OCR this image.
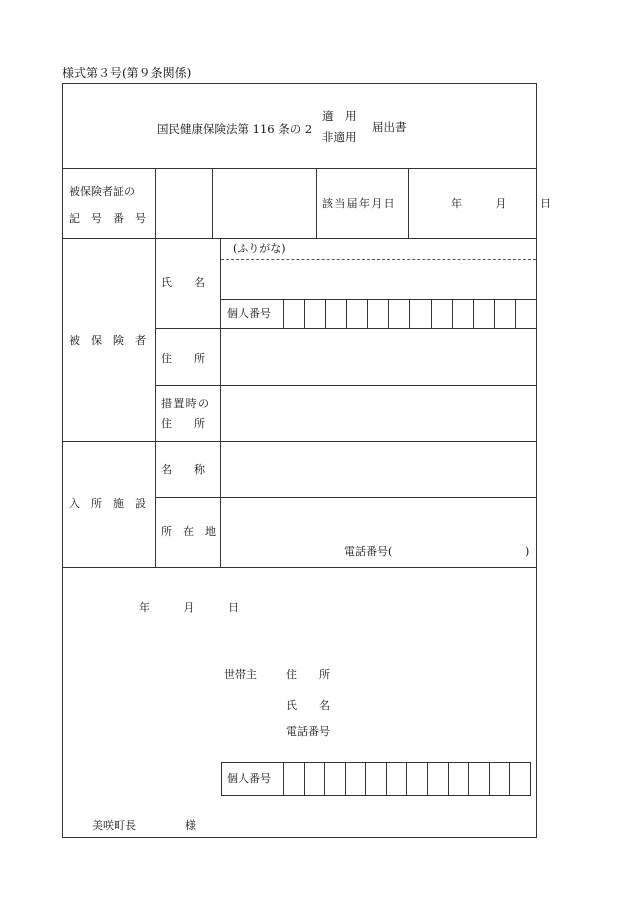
様式第３号(第９条関係)
国民健康保険法第 116 条の 2
適　用
非適用
届出書
被保険者証の
記　号　番　号
該当届年月日	年　　月　　日
被　保　険　者
氏　　名
(ふりがな)
個人番号
住　　所
措置時の
住　　所
入　所　施　設
名　　称
所　在　地
電話番号(	)
年　　月　　日
世帯主	住　　所
氏　　名
電話番号
個人番号
美咲町長	様
